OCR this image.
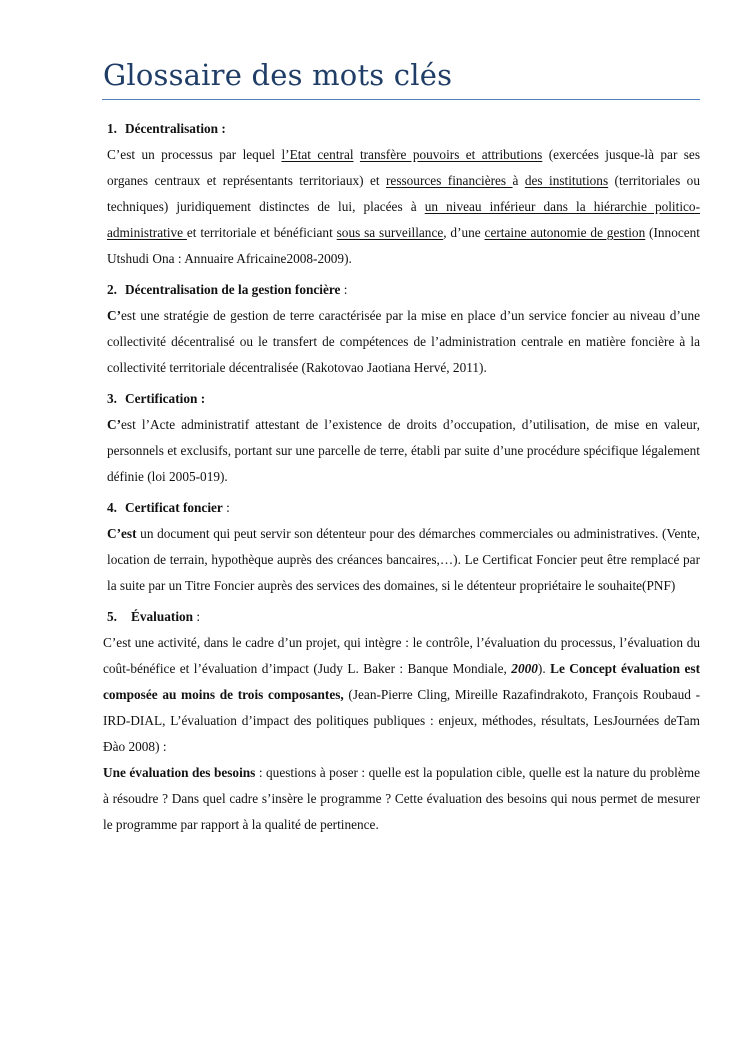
Glossaire des mots clés
1. Décentralisation :
C’est un processus par lequel l’Etat central transfère pouvoirs et attributions (exercées jusque-là par ses organes centraux et représentants territoriaux) et ressources financières à des institutions (territoriales ou techniques) juridiquement distinctes de lui, placées à un niveau inférieur dans la hiérarchie politico-administrative et territoriale et bénéficiant sous sa surveillance, d’une certaine autonomie de gestion (Innocent Utshudi Ona : Annuaire Africaine2008-2009).
2. Décentralisation de la gestion foncière :
C’est une stratégie de gestion de terre caractérisée par la mise en place d’un service foncier au niveau d’une collectivité décentralisé ou le transfert de compétences de l’administration centrale en matière foncière à la collectivité territoriale décentralisée (Rakotovao Jaotiana Hervé, 2011).
3. Certification :
C’est l’Acte administratif attestant de l’existence de droits d’occupation, d’utilisation, de mise en valeur, personnels et exclusifs, portant sur une parcelle de terre, établi par suite d’une procédure spécifique légalement définie (loi 2005-019).
4. Certificat foncier :
C’est un document qui peut servir son détenteur pour des démarches commerciales ou administratives. (Vente, location de terrain, hypothèque auprès des créances bancaires,…). Le Certificat Foncier peut être remplacé par la suite par un Titre Foncier auprès des services des domaines, si le détenteur propriétaire le souhaite(PNF)
5. Évaluation :
C’est une activité, dans le cadre d’un projet, qui intègre : le contrôle, l’évaluation du processus, l’évaluation du coût-bénéfice et l’évaluation d’impact (Judy L. Baker : Banque Mondiale, 2000). Le Concept évaluation est composée au moins de trois composantes, (Jean-Pierre Cling, Mireille Razafindrakoto, François Roubaud - IRD-DIAL, L’évaluation d’impact des politiques publiques : enjeux, méthodes, résultats, LesJournées deTam Ðào 2008) :
Une évaluation des besoins : questions à poser : quelle est la population cible, quelle est la nature du problème à résoudre ? Dans quel cadre s’insère le programme ? Cette évaluation des besoins qui nous permet de mesurer le programme par rapport à la qualité de pertinence.
